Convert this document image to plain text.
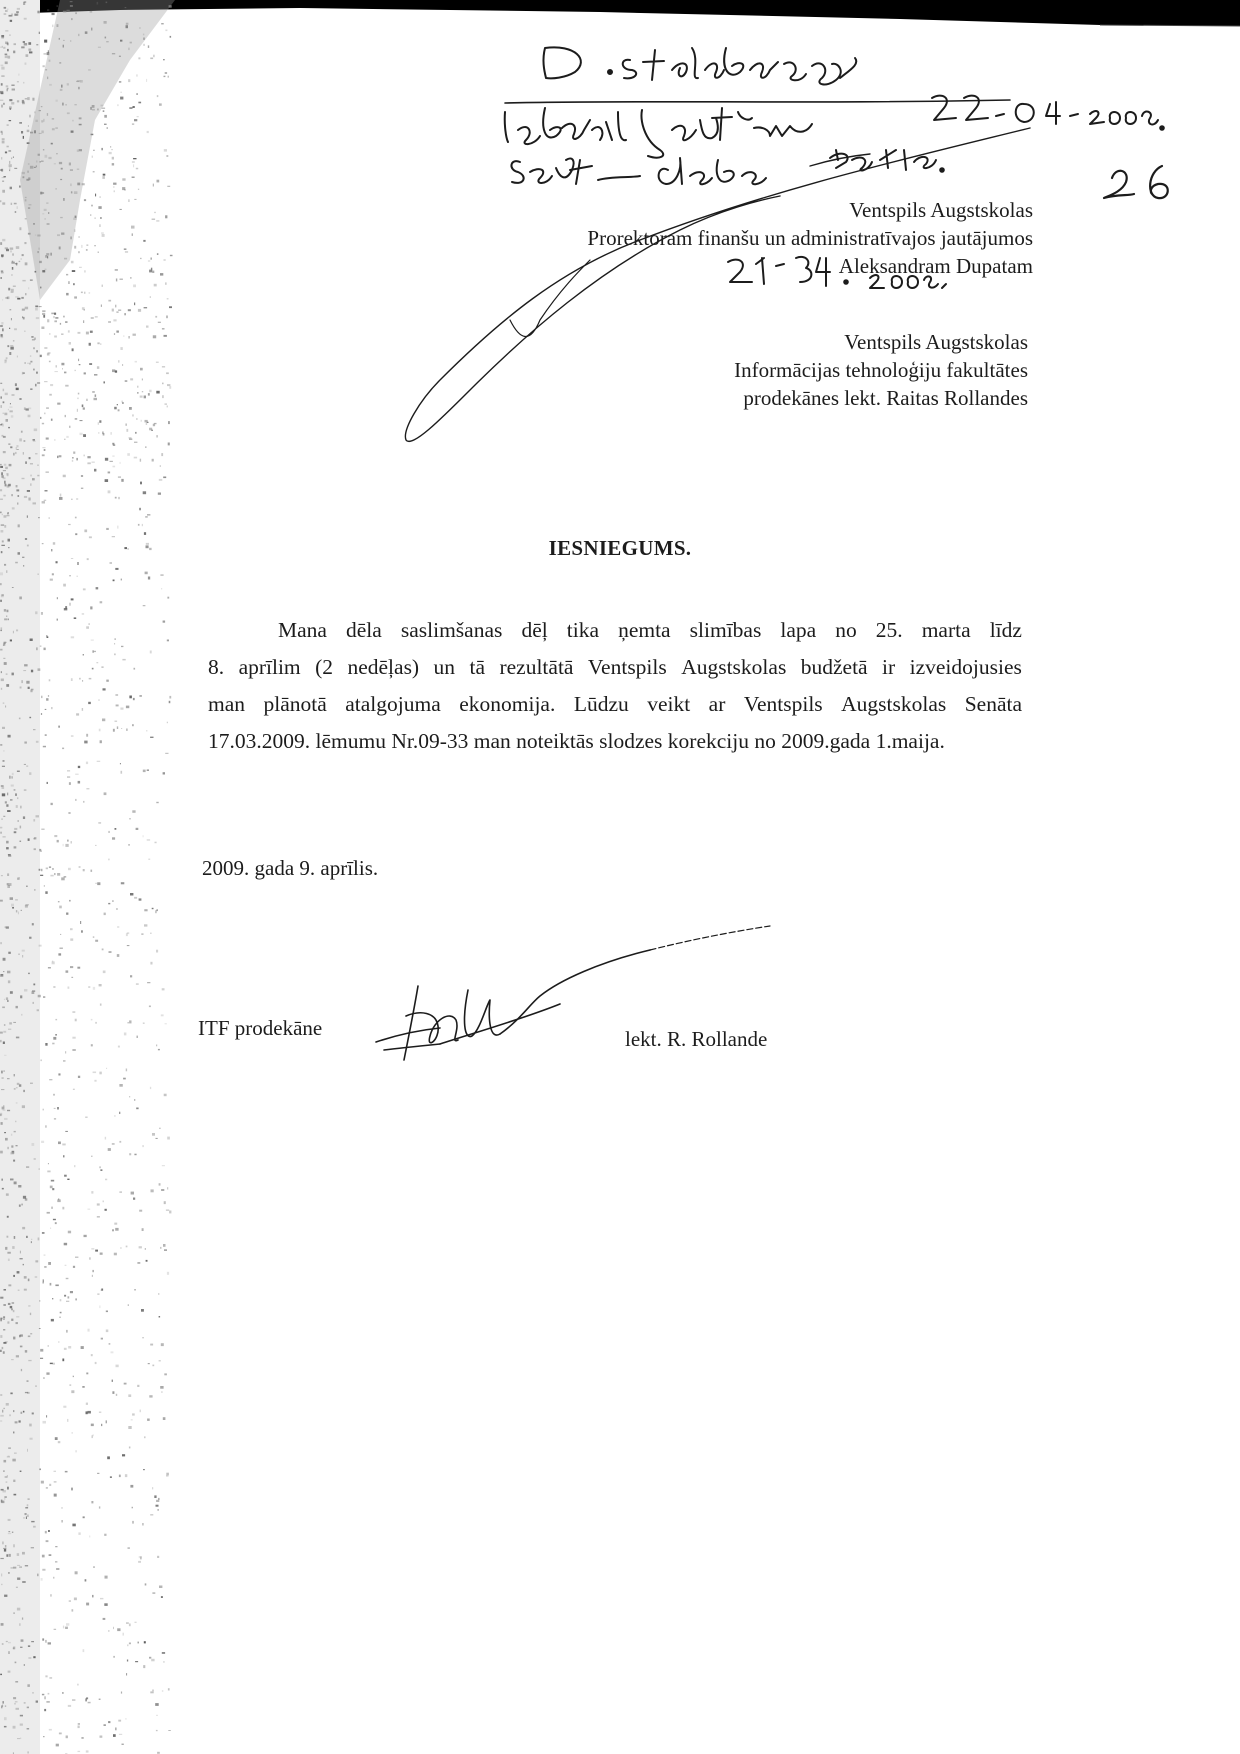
Ventspils Augstskolas
Prorektoram finanšu un administratīvajos jautājumos
Aleksandram Dupatam
Ventspils Augstskolas
Informācijas tehnoloģiju fakultātes
prodekānes lekt. Raitas Rollandes
IESNIEGUMS.
Mana dēla saslimšanas dēļ tika ņemta slimības lapa no 25. marta līdz
8. aprīlim (2 nedēļas) un tā rezultātā Ventspils Augstskolas budžetā ir izveidojusies
man plānotā atalgojuma ekonomija. Lūdzu veikt ar Ventspils Augstskolas Senāta
17.03.2009. lēmumu Nr.09-33 man noteiktās slodzes korekciju no 2009.gada 1.maija.
2009. gada 9. aprīlis.
ITF prodekāne	lekt. R. Rollande
